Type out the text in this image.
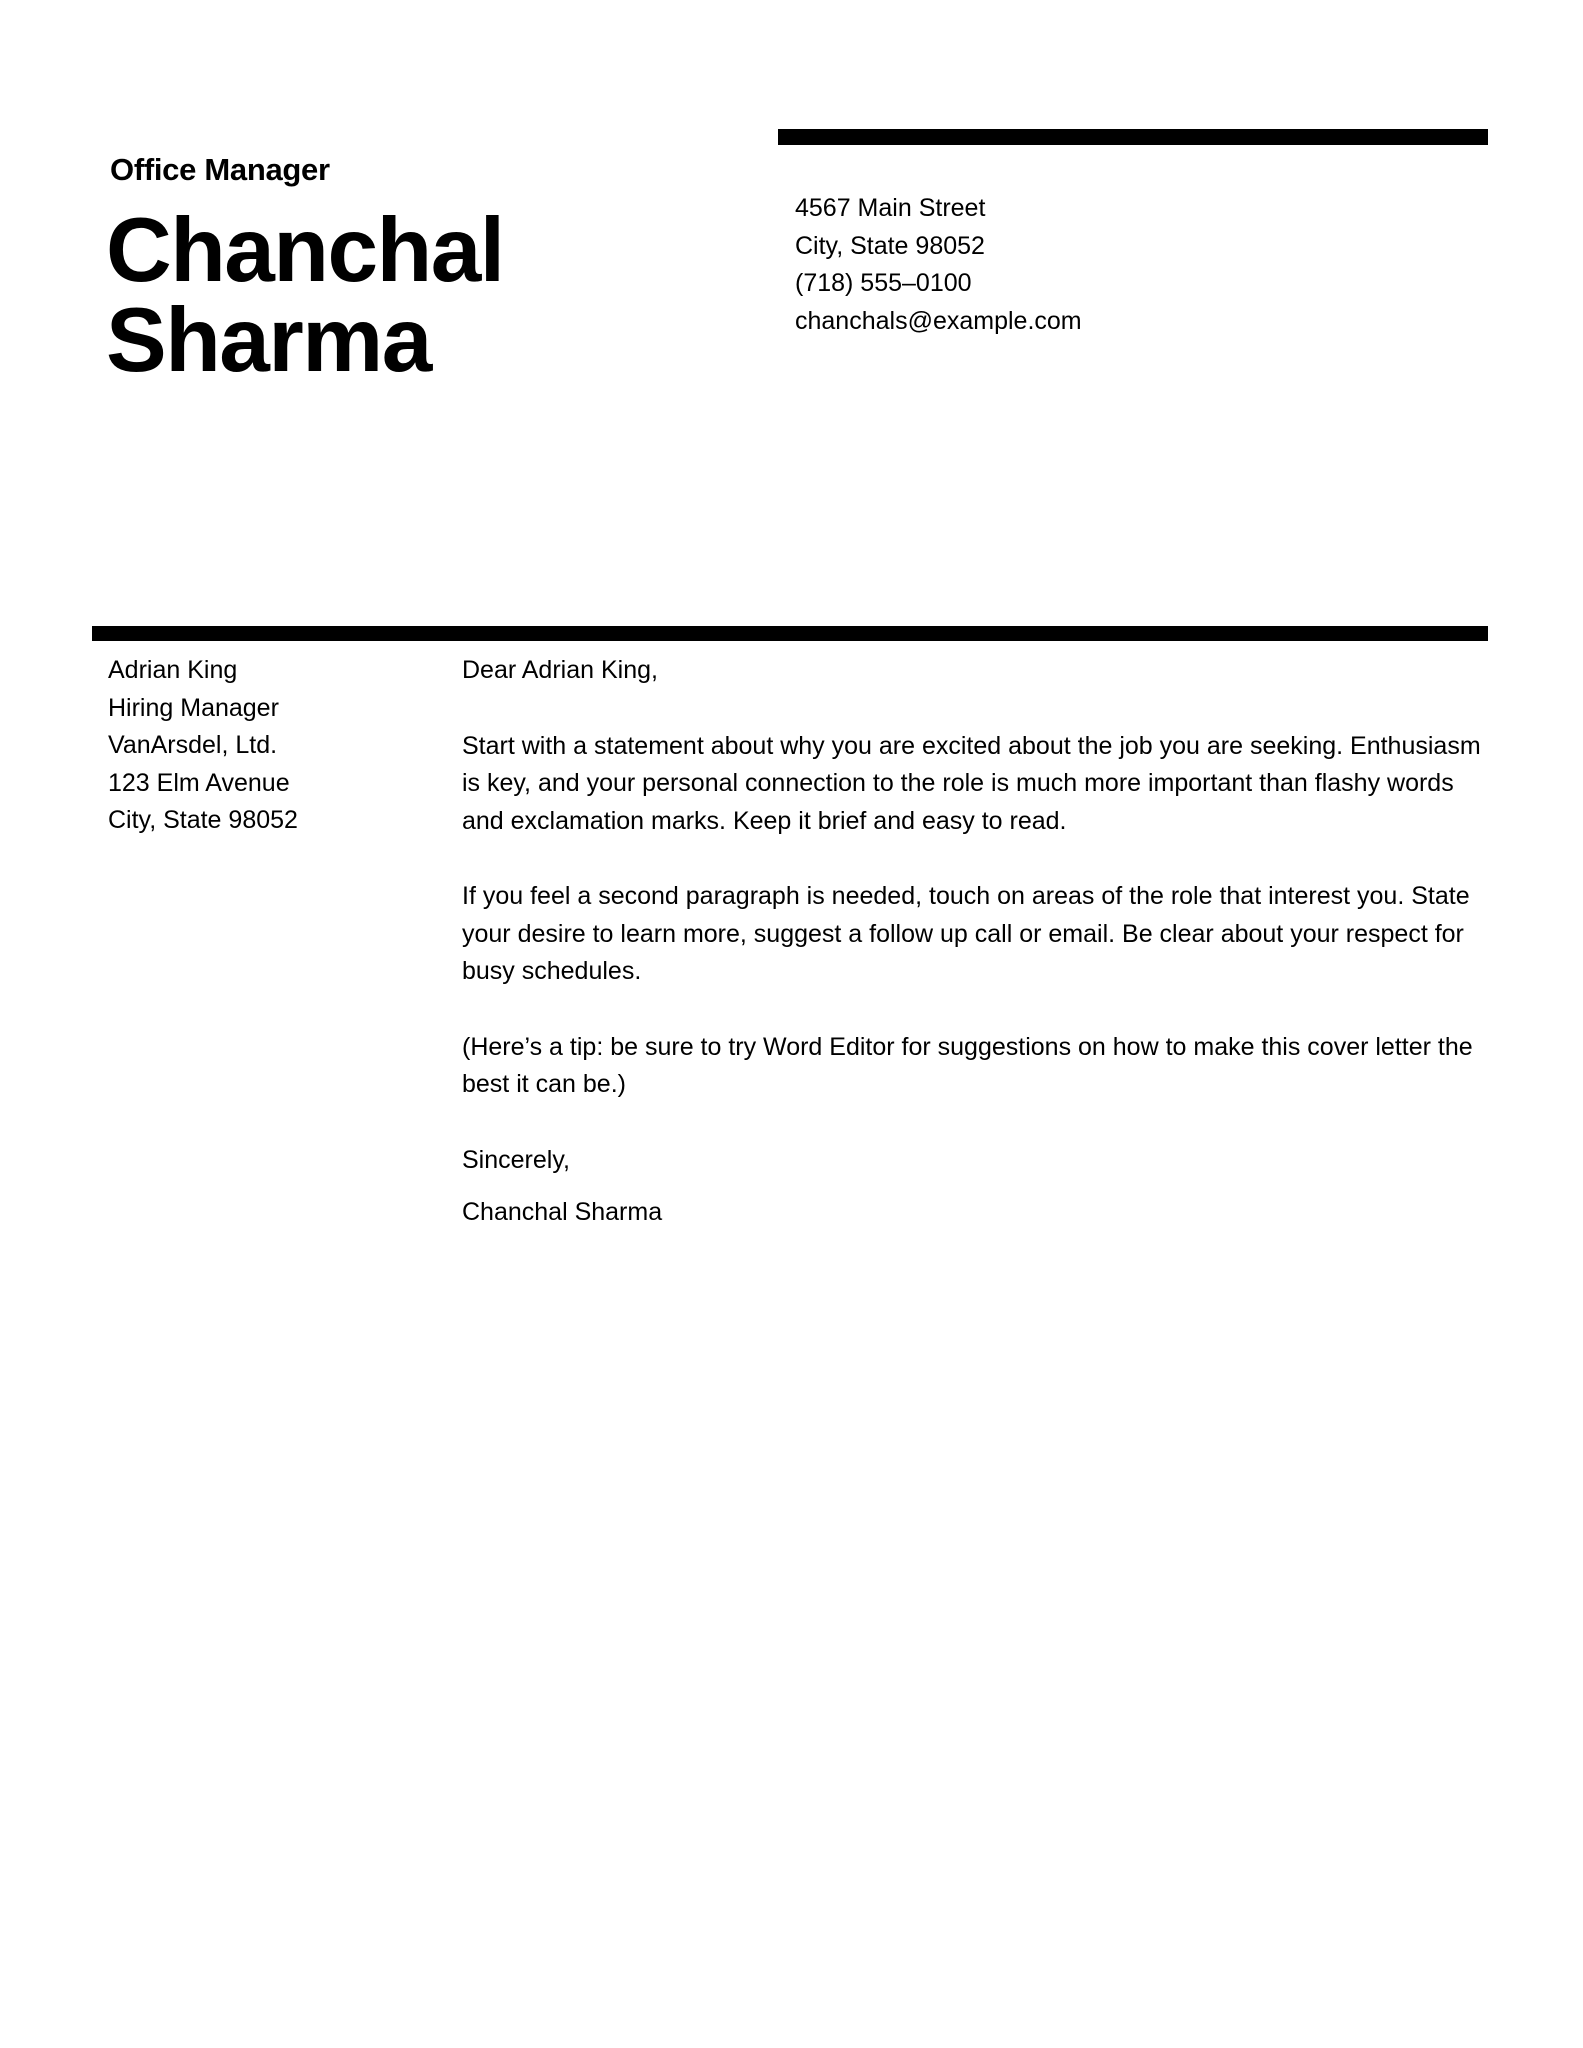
Office Manager
Chanchal
Sharma
4567 Main Street
City, State 98052
(718) 555–0100
chanchals@example.com
Adrian King
Hiring Manager
VanArsdel, Ltd.
123 Elm Avenue
City, State 98052

Dear Adrian King,

Start with a statement about why you are excited about the job you are seeking. Enthusiasm is key, and your personal connection to the role is much more important than flashy words and exclamation marks. Keep it brief and easy to read.

If you feel a second paragraph is needed, touch on areas of the role that interest you. State your desire to learn more, suggest a follow up call or email. Be clear about your respect for busy schedules.

(Here’s a tip: be sure to try Word Editor for suggestions on how to make this cover letter the best it can be.)

Sincerely,

Chanchal Sharma
